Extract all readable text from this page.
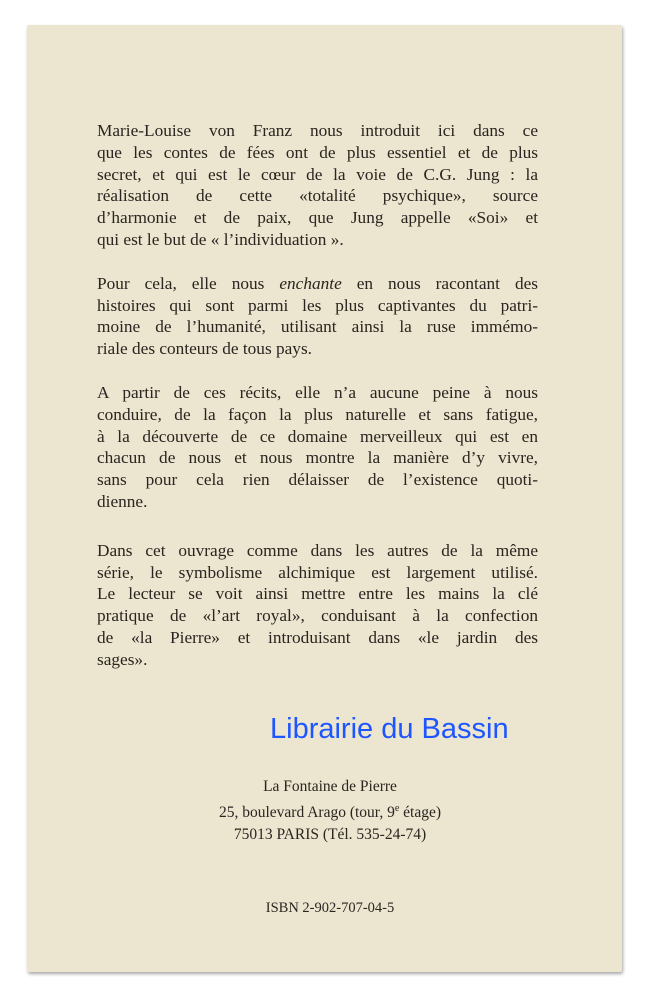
Marie-Louise von Franz nous introduit ici dans ce
que les contes de fées ont de plus essentiel et de plus
secret, et qui est le cœur de la voie de C.G. Jung : la
réalisation de cette «totalité psychique», source
d’harmonie et de paix, que Jung appelle «Soi» et
qui est le but de « l’individuation ».

Pour cela, elle nous enchante en nous racontant des
histoires qui sont parmi les plus captivantes du patri-
moine de l’humanité, utilisant ainsi la ruse immémo-
riale des conteurs de tous pays.

A partir de ces récits, elle n’a aucune peine à nous
conduire, de la façon la plus naturelle et sans fatigue,
à la découverte de ce domaine merveilleux qui est en
chacun de nous et nous montre la manière d’y vivre,
sans pour cela rien délaisser de l’existence quoti-
dienne.

Dans cet ouvrage comme dans les autres de la même
série, le symbolisme alchimique est largement utilisé.
Le lecteur se voit ainsi mettre entre les mains la clé
pratique de «l’art royal», conduisant à la confection
de «la Pierre» et introduisant dans «le jardin des
sages».

Librairie du Bassin
La Fontaine de Pierre
25, boulevard Arago (tour, 9e étage)
75013 PARIS (Tél. 535-24-74)
ISBN 2-902-707-04-5
